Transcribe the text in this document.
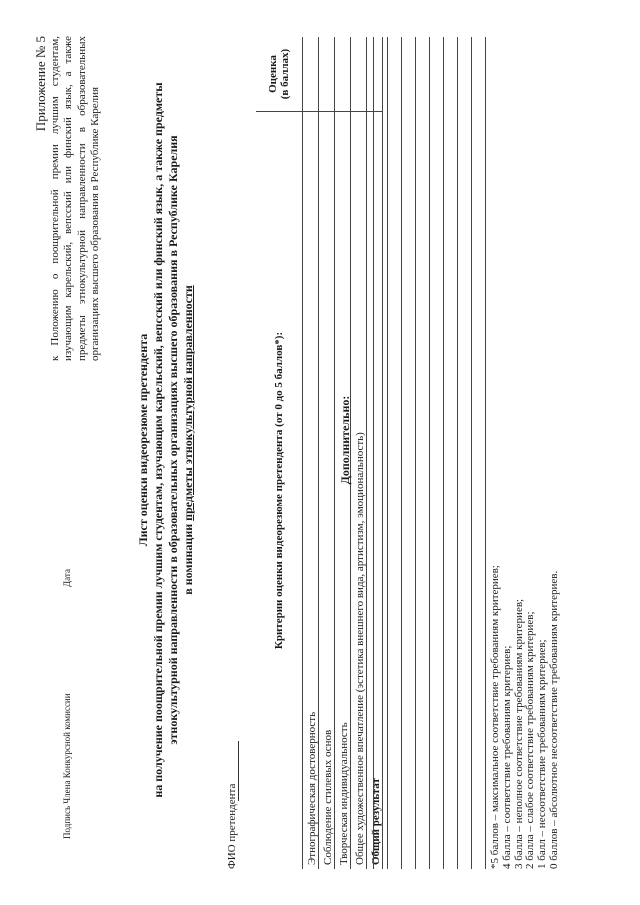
Приложение № 5 к Положению о поощрительной премии лучшим студентам, изучающим карельский, вепсский или финский язык, а также предметы этнокультурной направленности в образовательных организациях высшего образования в Республике Карелия
Лист оценки видеорезюме претендента на получение поощрительной премии лучшим студентам, изучающим карельский, вепсский или финский язык, а также предметы этнокультурной направленности в образовательных организациях высшего образования в Республике Карелия в номинации предметы этнокультурной направленности
ФИО претендента
Критерии оценки видеорезюме претендента (от 0 до 5 баллов*):	Оценка
(в баллах)
Этнографическая достоверность	
Соблюдение стилевых основ	
Творческая индивидуальность	
Общее художественное впечатление (эстетика внешнего вида, артистизм, эмоциональность)	
Общий результат	
Дополнительно:
*5 баллов – максимальное соответствие требованиям критериев; 4 балла – соответствие требованиям критериев; 3 балла – неполное соответствие требованиям критериев; 2 балла – слабое соответствие требованиям критериев; 1 балл – несоответствие требованиям критериев; 0 баллов – абсолютное несоответствие требованиям критериев.
Подпись Члена Конкурсной комиссии
Дата
